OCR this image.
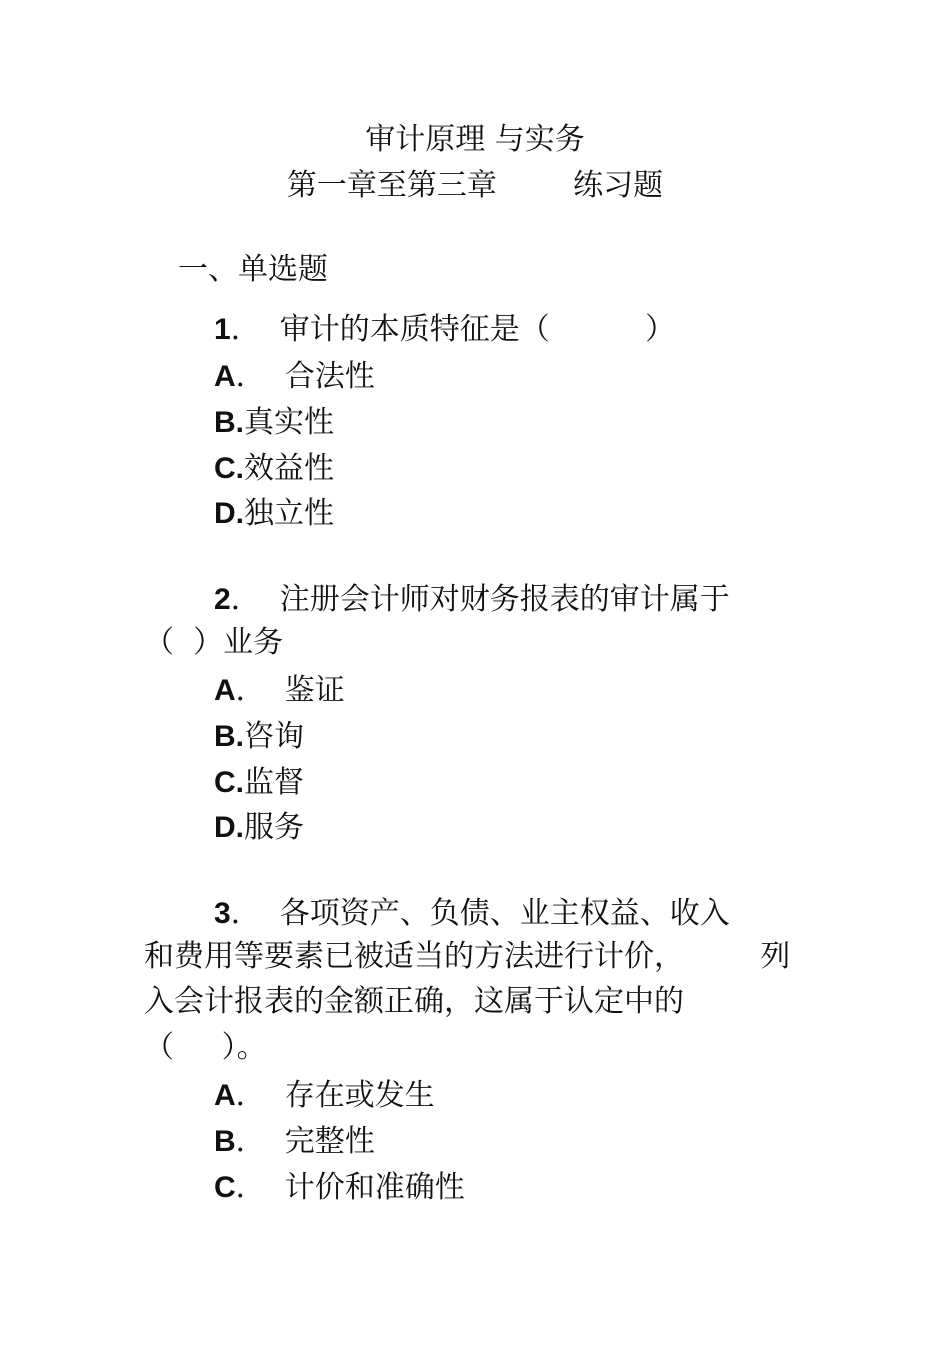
审计原理 与实务
第一章至第三章        练习题
一、单选题
1．  审计的本质特征是（          ）
A．  合法性
B.真实性
C.效益性
D.独立性
2．  注册会计师对财务报表的审计属于
（  ）业务
A．  鉴证
B.咨询
C.监督
D.服务
3．  各项资产、负债、业主权益、收入
和费用等要素已被适当的方法进行计价，        列
入会计报表的金额正确，这属于认定中的
（     ）。
A．  存在或发生
B．  完整性
C．  计价和准确性
